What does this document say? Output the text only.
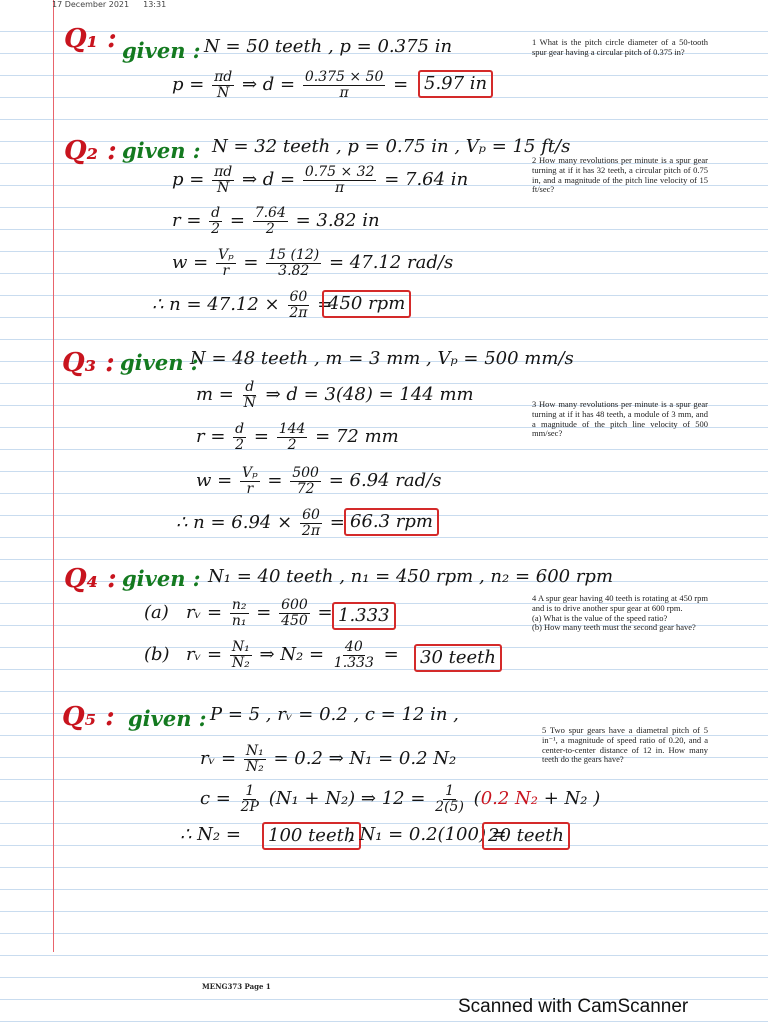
17 December 2021 13:31
Q₁ : given : N = 50 teeth , p = 0.375 in
$p = \frac{\pi d}{N}$ ⇒ $d = \frac{0.375 \times 50}{\pi} = 5.97$ in
1 What is the pitch circle diameter of a 50-tooth spur gear having a circular pitch of 0.375 in?
Q₂ : given : N = 32 teeth , p = 0.75 in , Vₚ = 15 ft/s
$p = \frac{\pi d}{N}$ ⇒ $d = \frac{0.75 \times 32}{\pi} = 7.64$ in
$r = \frac{d}{2} = \frac{7.64}{2} = 3.82$ in
$w = \frac{\text{Vₚ}}{r} = \frac{15 (12)}{3.82} = 47.12$ rad/s
∴ $n = 47.12 \times \frac{60}{2\pi}$ =
450 rpm
2 How many revolutions per minute is a spur gear turning at if it has 32 teeth, a circular pitch of 0.75 in, and a magnitude of the pitch line velocity of 15 ft/sec?
Q₃ : given :
N = 48 teeth , m = 3 mm , Vₚ = 500 mm/s
$m = \frac{d}{N}$ ⇒ d = 3(48) = 144 mm
$r = \frac{d}{2} = \frac{144}{2} = 72$ mm
$w = \frac{\text{Vₚ}}{r} = \frac{500}{72} = 6.94$ rad/s
∴ $n = 6.94 \times \frac{60}{2\pi} = 66.3$ rpm
3 How many revolutions per minute is a spur gear turning at if it has 48 teeth, a module of 3 mm, and a magnitude of the pitch line velocity of 500 mm/sec?
Q₄ : given : N₁ = 40 teeth , n₁ = 450 rpm , n₂ = 600 rpm
(a) rᵥ = $\frac{\text{n₂}}{\text{n₁}} = \frac{600}{450} = 1.333$
(b) rᵥ = $\frac{\text{N₁}}{\text{N₂}}$ ⇒ $N_2 = \frac{40}{1.333}$ =	30 teeth
4 A spur gear having 40 teeth is rotating at 450 rpm and is to drive another spur gear at 600 rpm.
(a) What is the value of the speed ratio?
(b) How many teeth must the second gear have?
Q₅ : given : P = 5 , rᵥ = 0.2 , c = 12 in ,
rᵥ = $\frac{\text{N₁}}{\text{N₂}} = 0.2$ ⇒ N₁ = 0.2 N₂
$c = \frac{1}{2P} (N_1 + N_2)$ ⇒ $12 = \frac{1}{2(5)} (0.2$ N₂ + N₂ )
∴ N₂ =	100 teeth
, N₁ = 0.2(100) =
20 teeth
5 Two spur gears have a diametral pitch of 5 in⁻¹, a magnitude of speed ratio of 0.20, and a center-to-center distance of 12 in. How many teeth do the gears have?
MENG373 Page 1
Scanned with CamScanner
